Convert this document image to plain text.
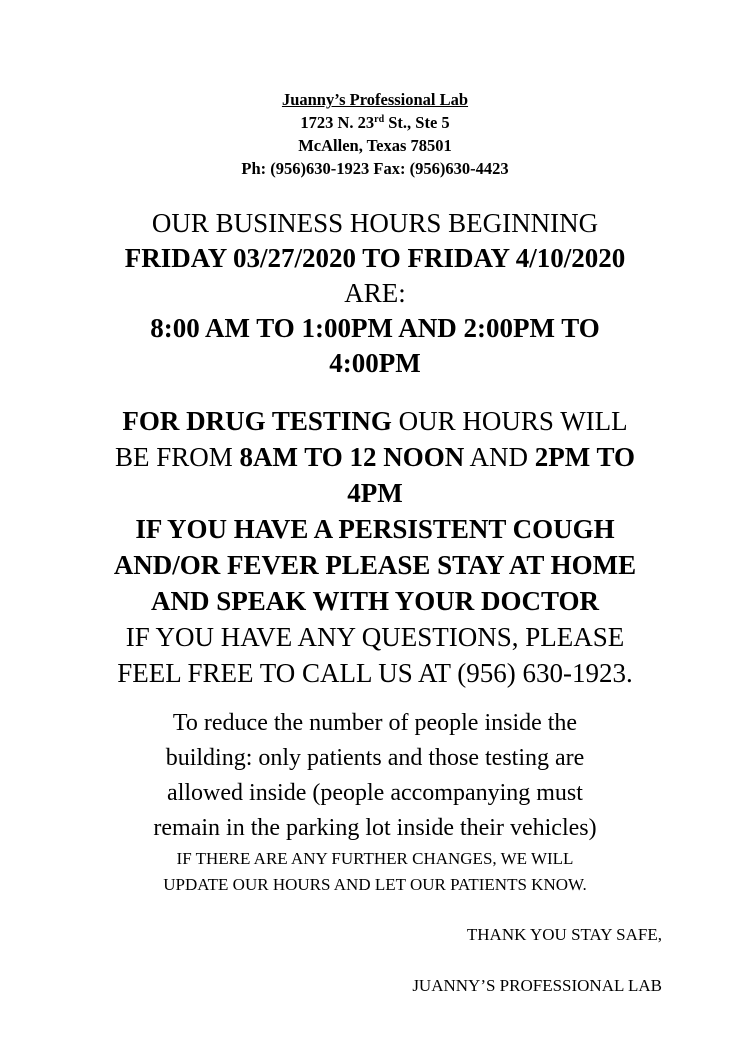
Juanny’s Professional Lab
1723 N. 23rd St., Ste 5
McAllen, Texas 78501
Ph: (956)630-1923 Fax: (956)630-4423
OUR BUSINESS HOURS BEGINNING
FRIDAY 03/27/2020 TO FRIDAY 4/10/2020
ARE:
8:00 AM TO 1:00PM AND 2:00PM TO
4:00PM
FOR DRUG TESTING OUR HOURS WILL
BE FROM 8AM TO 12 NOON AND 2PM TO
4PM
IF YOU HAVE A PERSISTENT COUGH
AND/OR FEVER PLEASE STAY AT HOME
AND SPEAK WITH YOUR DOCTOR
IF YOU HAVE ANY QUESTIONS, PLEASE
FEEL FREE TO CALL US AT (956) 630-1923.
To reduce the number of people inside the
building: only patients and those testing are
allowed inside (people accompanying must
remain in the parking lot inside their vehicles)
IF THERE ARE ANY FURTHER CHANGES, WE WILL
UPDATE OUR HOURS AND LET OUR PATIENTS KNOW.
THANK YOU STAY SAFE,
JUANNY’S PROFESSIONAL LAB
